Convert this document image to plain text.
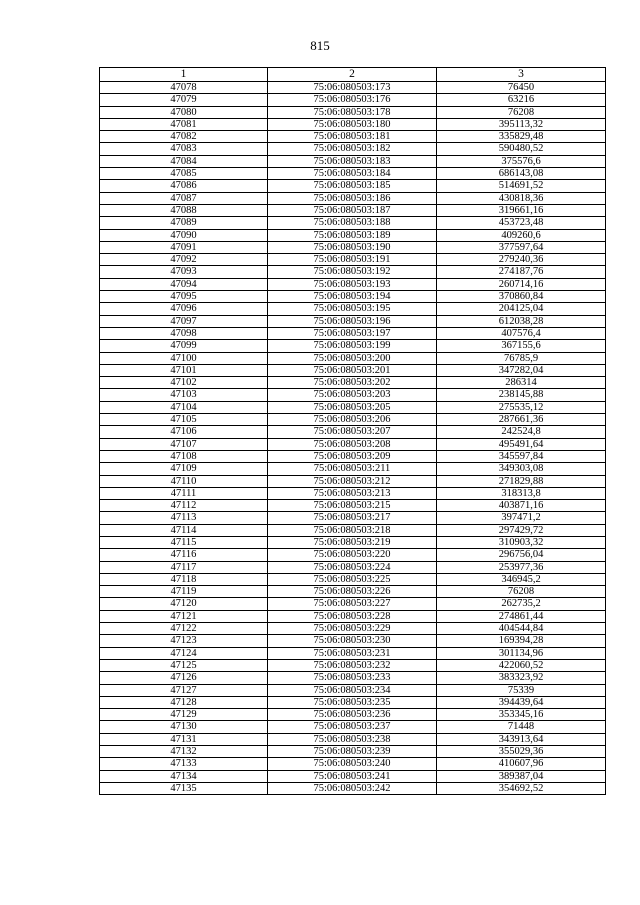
815
1	2	3
47078	75:06:080503:173	76450
47079	75:06:080503:176	63216
47080	75:06:080503:178	76208
47081	75:06:080503:180	395113,32
47082	75:06:080503:181	335829,48
47083	75:06:080503:182	590480,52
47084	75:06:080503:183	375576,6
47085	75:06:080503:184	686143,08
47086	75:06:080503:185	514691,52
47087	75:06:080503:186	430818,36
47088	75:06:080503:187	319661,16
47089	75:06:080503:188	453723,48
47090	75:06:080503:189	409260,6
47091	75:06:080503:190	377597,64
47092	75:06:080503:191	279240,36
47093	75:06:080503:192	274187,76
47094	75:06:080503:193	260714,16
47095	75:06:080503:194	370860,84
47096	75:06:080503:195	204125,04
47097	75:06:080503:196	612038,28
47098	75:06:080503:197	407576,4
47099	75:06:080503:199	367155,6
47100	75:06:080503:200	76785,9
47101	75:06:080503:201	347282,04
47102	75:06:080503:202	286314
47103	75:06:080503:203	238145,88
47104	75:06:080503:205	275535,12
47105	75:06:080503:206	287661,36
47106	75:06:080503:207	242524,8
47107	75:06:080503:208	495491,64
47108	75:06:080503:209	345597,84
47109	75:06:080503:211	349303,08
47110	75:06:080503:212	271829,88
47111	75:06:080503:213	318313,8
47112	75:06:080503:215	403871,16
47113	75:06:080503:217	397471,2
47114	75:06:080503:218	297429,72
47115	75:06:080503:219	310903,32
47116	75:06:080503:220	296756,04
47117	75:06:080503:224	253977,36
47118	75:06:080503:225	346945,2
47119	75:06:080503:226	76208
47120	75:06:080503:227	262735,2
47121	75:06:080503:228	274861,44
47122	75:06:080503:229	404544,84
47123	75:06:080503:230	169394,28
47124	75:06:080503:231	301134,96
47125	75:06:080503:232	422060,52
47126	75:06:080503:233	383323,92
47127	75:06:080503:234	75339
47128	75:06:080503:235	394439,64
47129	75:06:080503:236	353345,16
47130	75:06:080503:237	71448
47131	75:06:080503:238	343913,64
47132	75:06:080503:239	355029,36
47133	75:06:080503:240	410607,96
47134	75:06:080503:241	389387,04
47135	75:06:080503:242	354692,52
